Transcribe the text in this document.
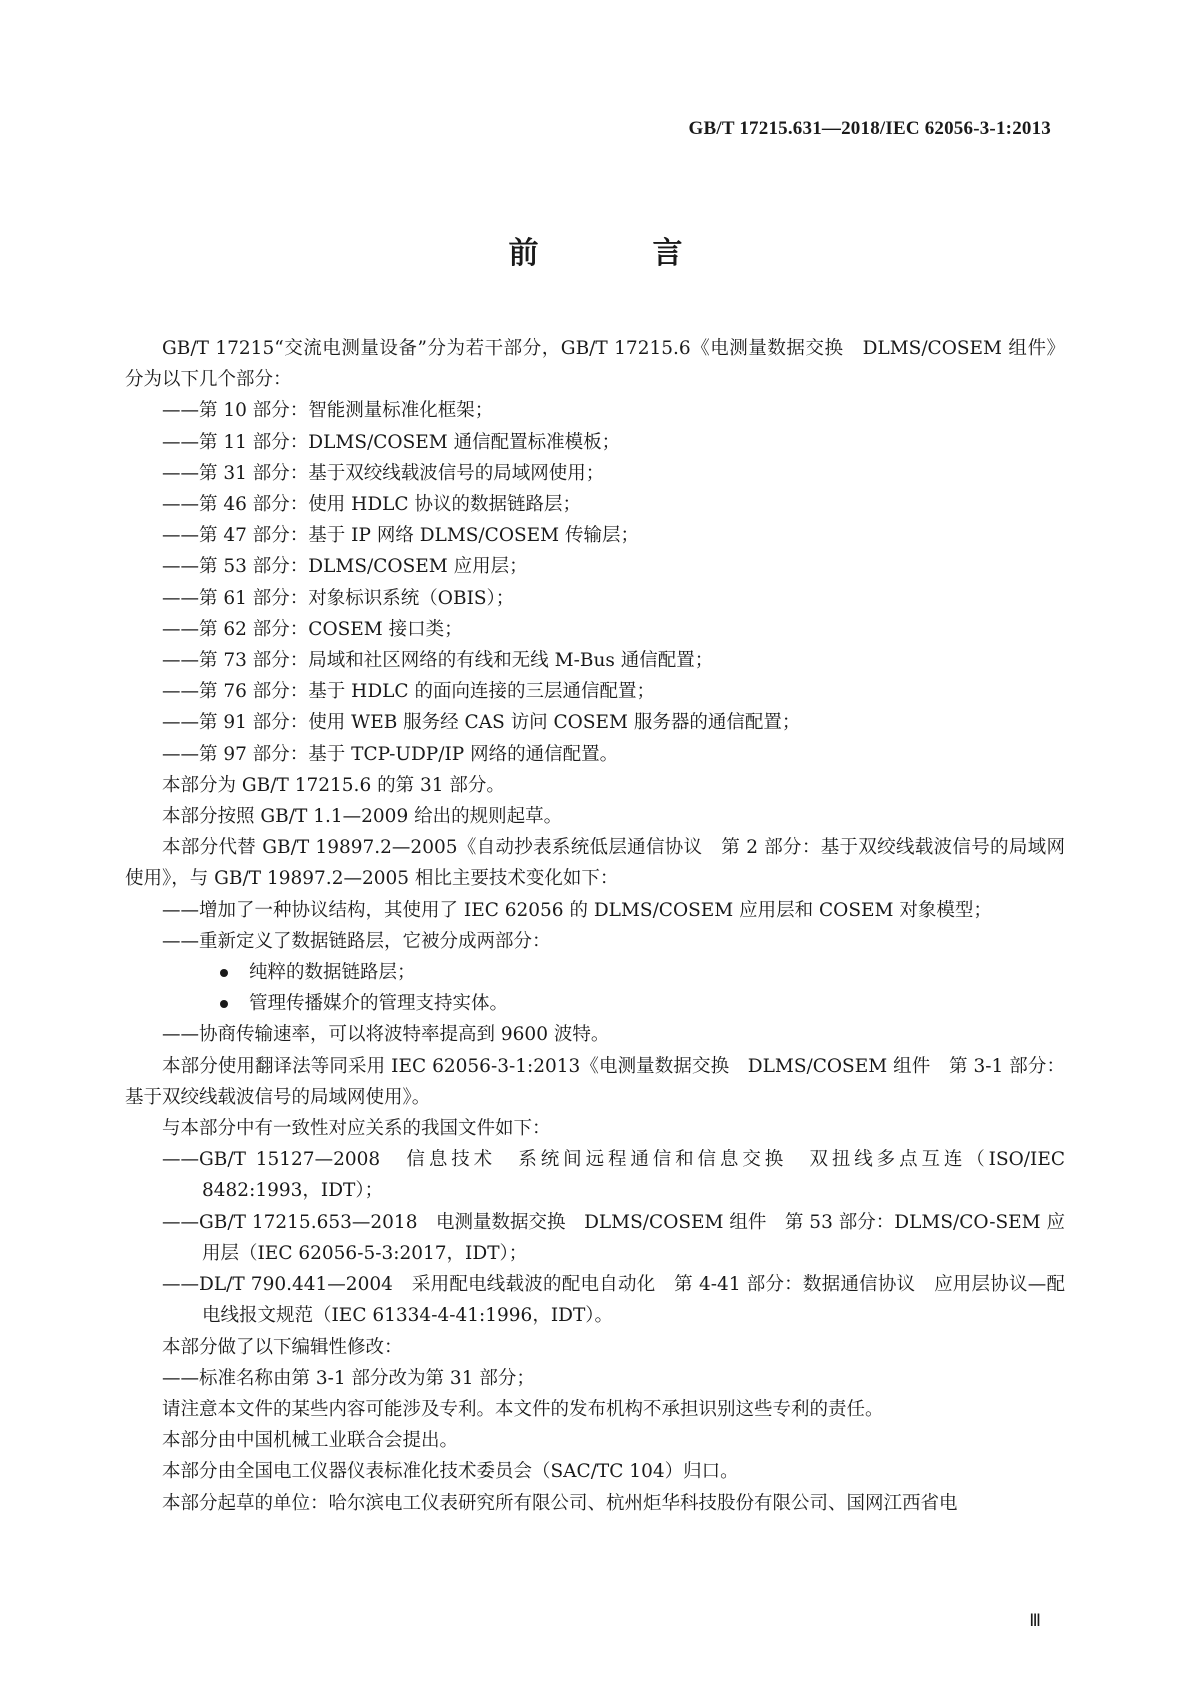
GB/T 17215.631—2018/IEC 62056-3-1:2013
前　言

GB/T 17215“交流电测量设备”分为若干部分，GB/T 17215.6《电测量数据交换　DLMS/COSEM 组件》分为以下几个部分：

——第 10 部分：智能测量标准化框架；

——第 11 部分：DLMS/COSEM 通信配置标准模板；

——第 31 部分：基于双绞线载波信号的局域网使用；

——第 46 部分：使用 HDLC 协议的数据链路层；

——第 47 部分：基于 IP 网络 DLMS/COSEM 传输层；

——第 53 部分：DLMS/COSEM 应用层；

——第 61 部分：对象标识系统（OBIS）；

——第 62 部分：COSEM 接口类；

——第 73 部分：局域和社区网络的有线和无线 M-Bus 通信配置；

——第 76 部分：基于 HDLC 的面向连接的三层通信配置；

——第 91 部分：使用 WEB 服务经 CAS 访问 COSEM 服务器的通信配置；

——第 97 部分：基于 TCP-UDP/IP 网络的通信配置。

本部分为 GB/T 17215.6 的第 31 部分。

本部分按照 GB/T 1.1—2009 给出的规则起草。

本部分代替 GB/T 19897.2—2005《自动抄表系统低层通信协议　第 2 部分：基于双绞线载波信号的局域网使用》，与 GB/T 19897.2—2005 相比主要技术变化如下：

——增加了一种协议结构，其使用了 IEC 62056 的 DLMS/COSEM 应用层和 COSEM 对象模型；

——重新定义了数据链路层，它被分成两部分：

纯粹的数据链路层；

管理传播媒介的管理支持实体。

——协商传输速率，可以将波特率提高到 9600 波特。

本部分使用翻译法等同采用 IEC 62056-3-1:2013《电测量数据交换　DLMS/COSEM 组件　第 3-1 部分：基于双绞线载波信号的局域网使用》。

与本部分中有一致性对应关系的我国文件如下：

——GB/T 15127—2008　信息技术　系统间远程通信和信息交换　双扭线多点互连（ISO/IEC 8482:1993，IDT）；

——GB/T 17215.653—2018　电测量数据交换　DLMS/COSEM 组件　第 53 部分：DLMS/CO-SEM 应用层（IEC 62056-5-3:2017，IDT）；

——DL/T 790.441—2004　采用配电线载波的配电自动化　第 4-41 部分：数据通信协议　应用层协议—配电线报文规范（IEC 61334-4-41:1996，IDT）。

本部分做了以下编辑性修改：

——标准名称由第 3-1 部分改为第 31 部分；

请注意本文件的某些内容可能涉及专利。本文件的发布机构不承担识别这些专利的责任。

本部分由中国机械工业联合会提出。

本部分由全国电工仪器仪表标准化技术委员会（SAC/TC 104）归口。

本部分起草的单位：哈尔滨电工仪表研究所有限公司、杭州炬华科技股份有限公司、国网江西省电

Ⅲ
